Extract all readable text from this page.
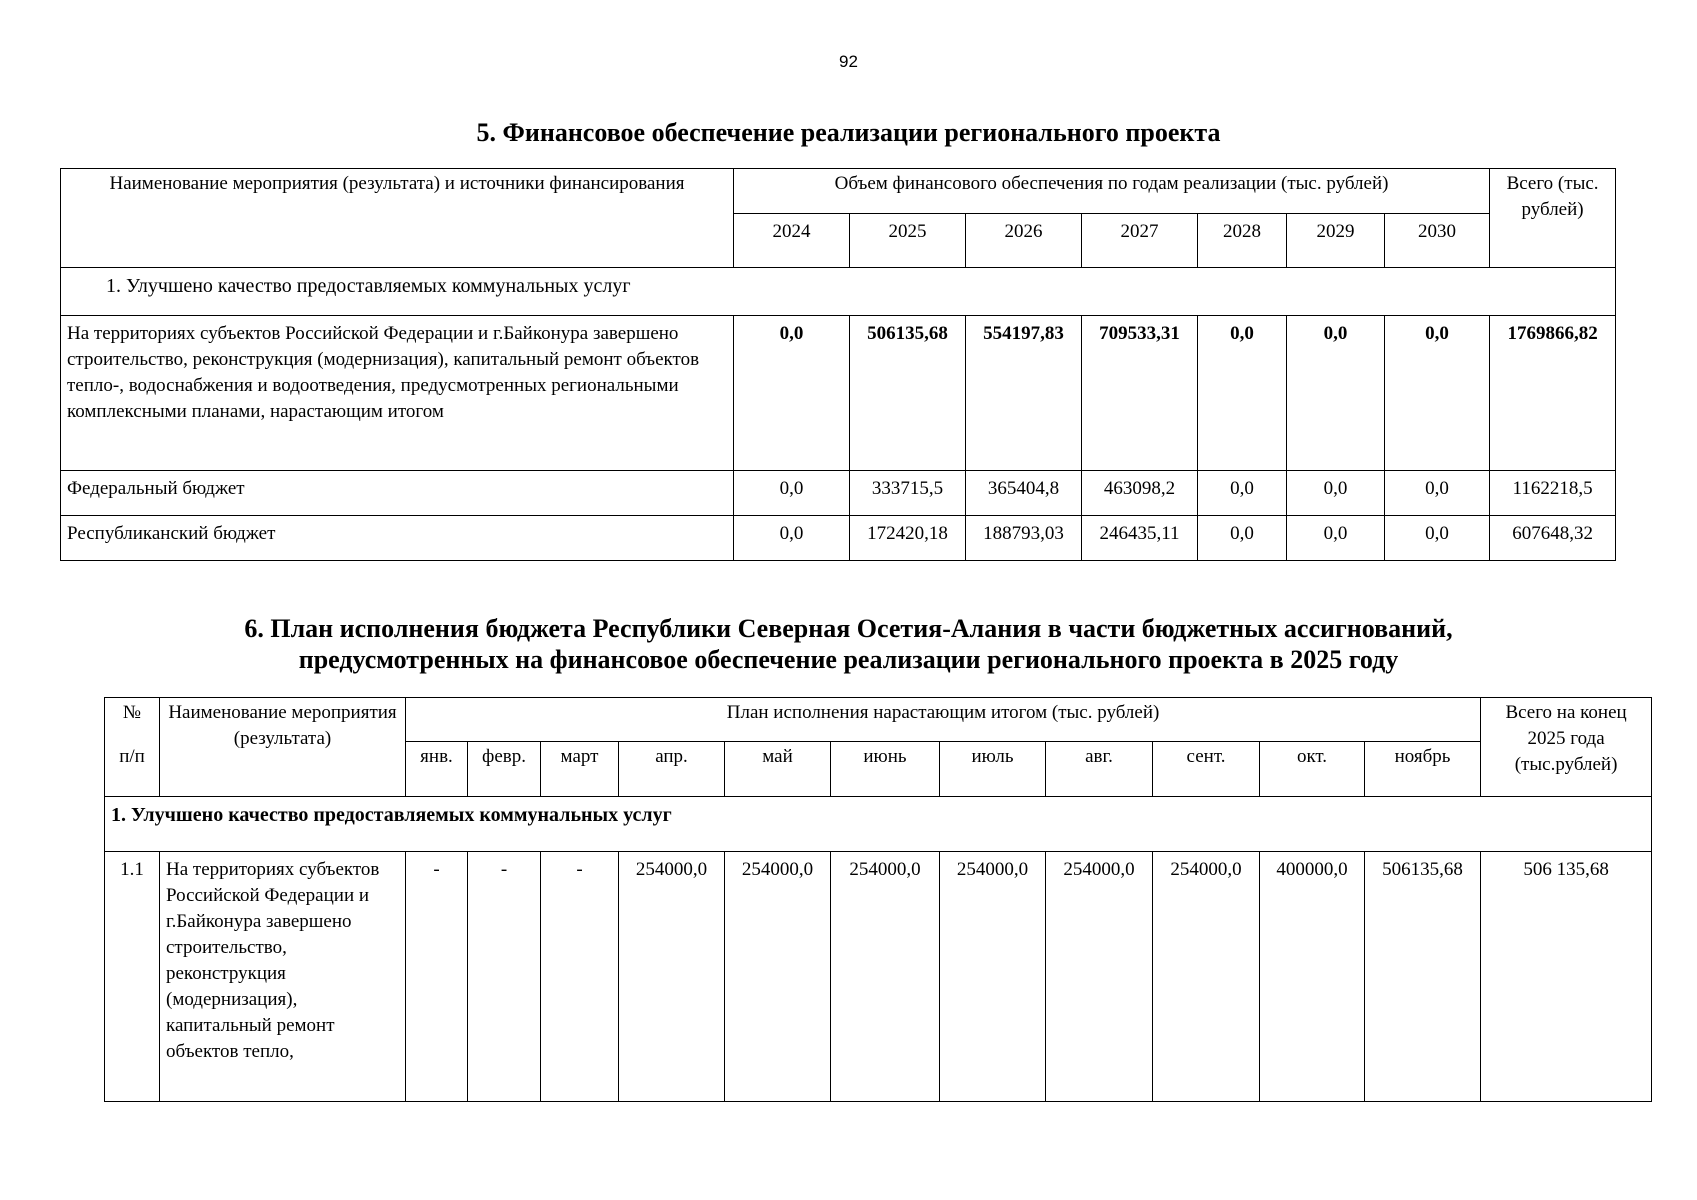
92
5. Финансовое обеспечение реализации регионального проекта
Наименование мероприятия (результата) и источники финансирования	Объем финансового обеспечения по годам реализации (тыс. рублей)							Всего (тыс. рублей)
	2024	2025	2026	2027	2028	2029	2030	
1. Улучшено качество предоставляемых коммунальных услуг								
На территориях субъектов Российской Федерации и г.Байконура завершено строительство, реконструкция (модернизация), капитальный ремонт объектов тепло-, водоснабжения и водоотведения, предусмотренных региональными комплексными планами, нарастающим итогом	0,0	506135,68	554197,83	709533,31	0,0	0,0	0,0	1769866,82
Федеральный бюджет	0,0	333715,5	365404,8	463098,2	0,0	0,0	0,0	1162218,5
Республиканский бюджет	0,0	172420,18	188793,03	246435,11	0,0	0,0	0,0	607648,32
6. План исполнения бюджета Республики Северная Осетия-Алания в части бюджетных ассигнований,
предусмотренных на финансовое обеспечение реализации регионального проекта в 2025 году
№	Наименование мероприятия (результата)	План исполнения нарастающим итогом (тыс. рублей)											Всего на конец 2025 года (тыс.рублей)
п/п		янв.	февр.	март	апр.	май	июнь	июль	авг.	сент.	окт.	ноябрь	
1. Улучшено качество предоставляемых коммунальных услуг													
1.1	На территориях субъектов Российской Федерации и г.Байконура завершено строительство, реконструкция (модернизация), капитальный ремонт объектов тепло,	-	-	-	254000,0	254000,0	254000,0	254000,0	254000,0	254000,0	400000,0	506135,68	506 135,68
